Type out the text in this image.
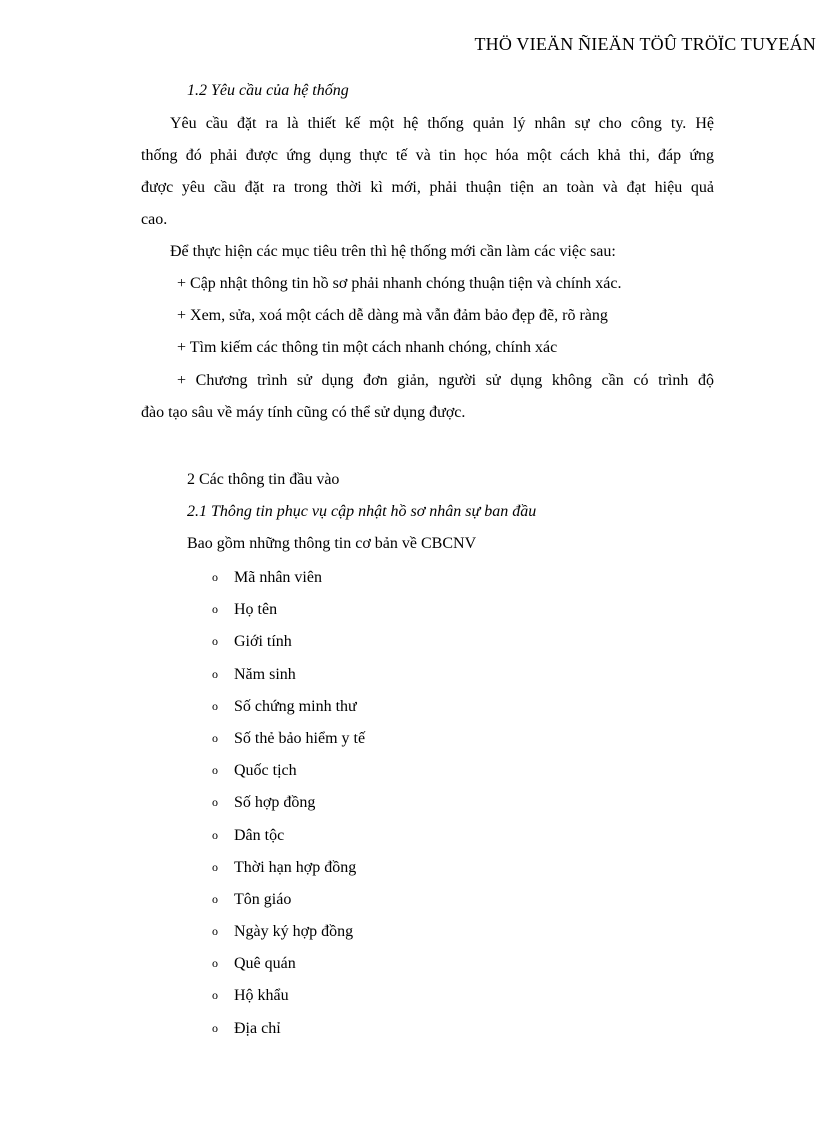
THÖ VIEÄN ÑIEÄN TÖÛ TRÖÏC TUYEÁN
1.2 Yêu cầu của hệ thống
Yêu cầu đặt ra là thiết kế một hệ thống quản lý nhân sự cho công ty. Hệ
thống đó phải được ứng dụng thực tế và tin học hóa một cách khả thi, đáp ứng
được yêu cầu đặt ra trong thời kì mới, phải thuận tiện an toàn và đạt hiệu quả
cao.
Để thực hiện các mục tiêu trên thì hệ thống mới cần làm các việc sau:
+ Cập nhật thông tin hồ sơ phải nhanh chóng thuận tiện và chính xác.
+ Xem, sửa, xoá một cách dễ dàng mà vẫn đảm bảo đẹp đẽ, rõ ràng
+ Tìm kiếm các thông tin một cách nhanh chóng, chính xác
+ Chương trình sử dụng đơn giản, người sử dụng không cần có trình độ
đào tạo sâu về máy tính cũng có thể sử dụng được.
2 Các thông tin đầu vào
2.1 Thông tin phục vụ cập nhật hồ sơ nhân sự ban đầu
Bao gồm những thông tin cơ bản về CBCNV
o Mã nhân viên
o Họ tên
o Giới tính
o Năm sinh
o Số chứng minh thư
o Số thẻ bảo hiểm y tế
o Quốc tịch
o Số hợp đồng
o Dân tộc
o Thời hạn hợp đồng
o Tôn giáo
o Ngày ký hợp đồng
o Quê quán
o Hộ khẩu
o Địa chỉ
